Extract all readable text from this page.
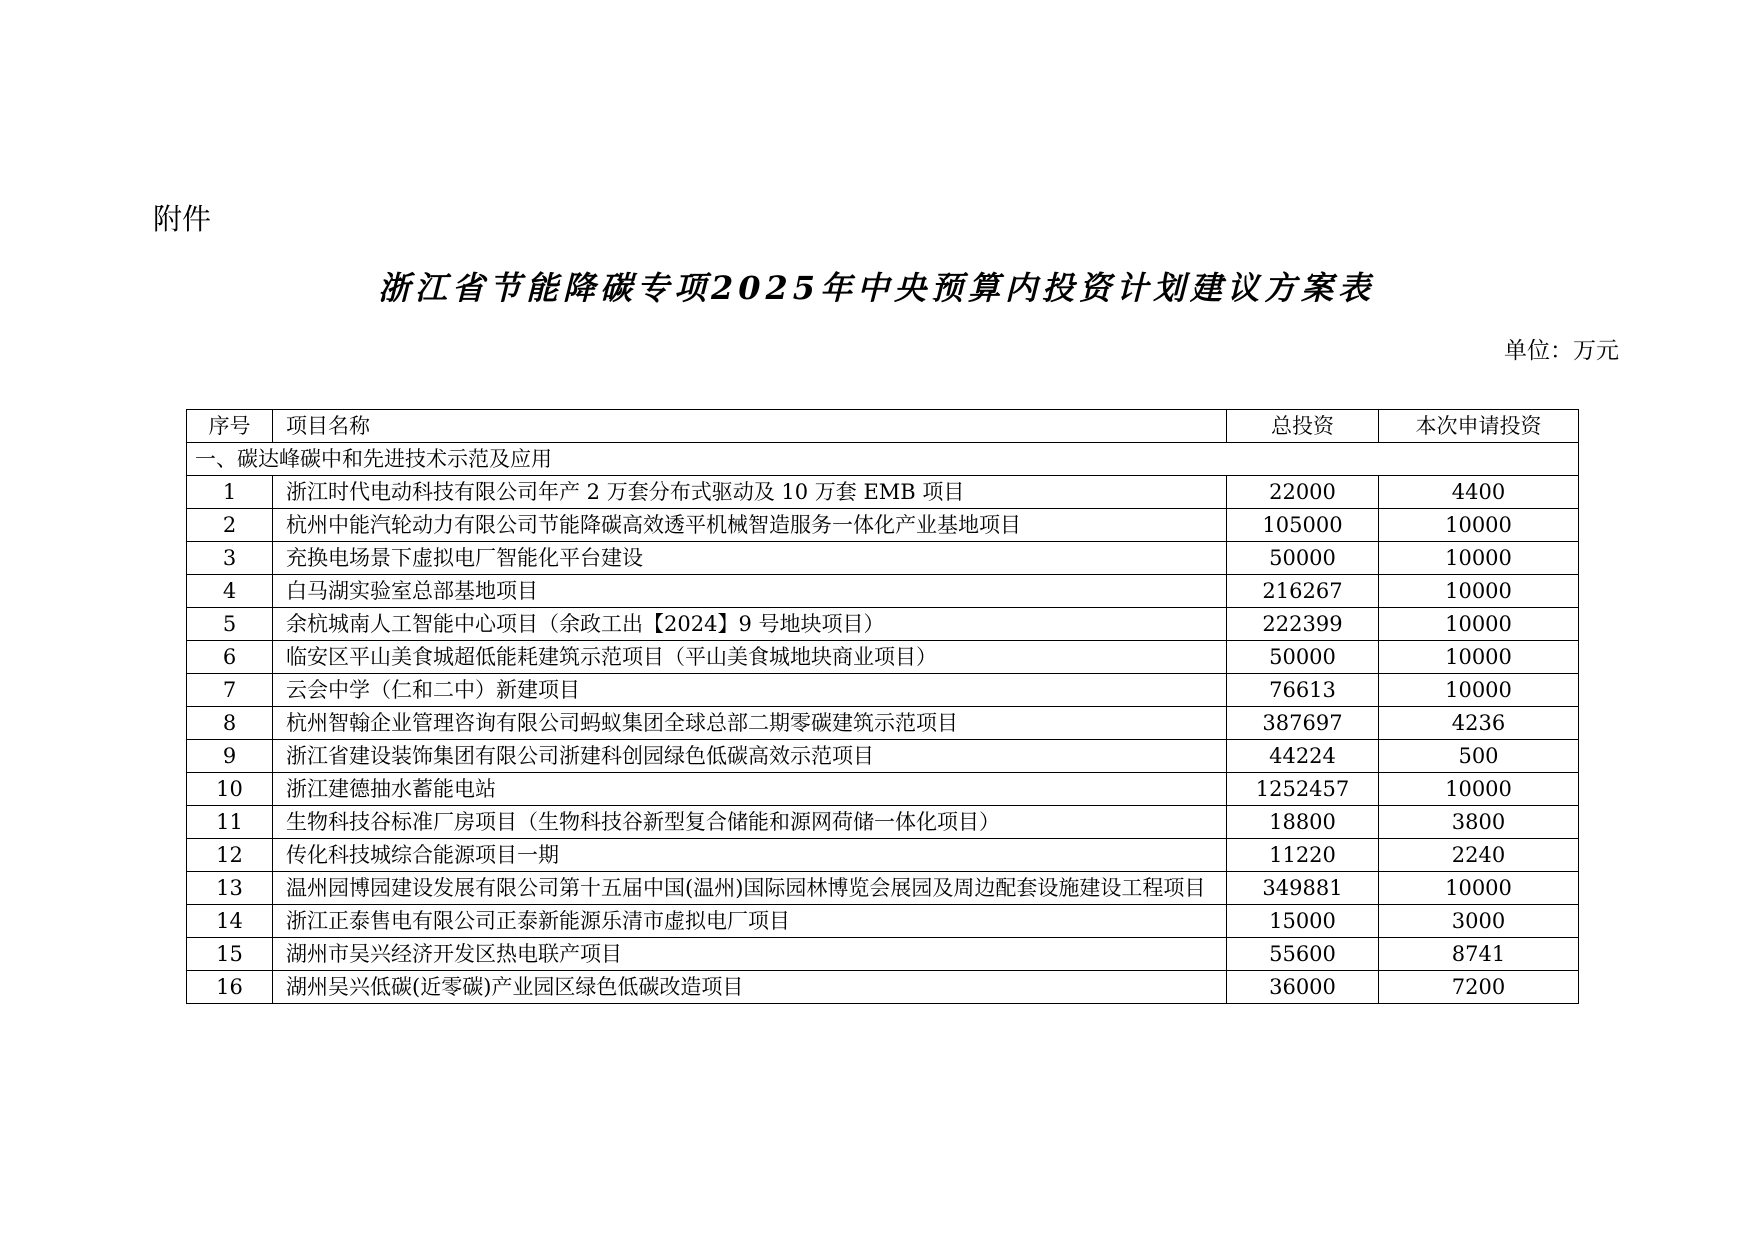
附件
浙江省节能降碳专项2025年中央预算内投资计划建议方案表
单位：万元
序号	项目名称	总投资	本次申请投资
一、碳达峰碳中和先进技术示范及应用			
1	浙江时代电动科技有限公司年产 2 万套分布式驱动及 10 万套 EMB 项目	22000	4400
2	杭州中能汽轮动力有限公司节能降碳高效透平机械智造服务一体化产业基地项目	105000	10000
3	充换电场景下虚拟电厂智能化平台建设	50000	10000
4	白马湖实验室总部基地项目	216267	10000
5	余杭城南人工智能中心项目（余政工出【2024】9 号地块项目）	222399	10000
6	临安区平山美食城超低能耗建筑示范项目（平山美食城地块商业项目）	50000	10000
7	云会中学（仁和二中）新建项目	76613	10000
8	杭州智翰企业管理咨询有限公司蚂蚁集团全球总部二期零碳建筑示范项目	387697	4236
9	浙江省建设装饰集团有限公司浙建科创园绿色低碳高效示范项目	44224	500
10	浙江建德抽水蓄能电站	1252457	10000
11	生物科技谷标准厂房项目（生物科技谷新型复合储能和源网荷储一体化项目）	18800	3800
12	传化科技城综合能源项目一期	11220	2240
13	温州园博园建设发展有限公司第十五届中国(温州)国际园林博览会展园及周边配套设施建设工程项目	349881	10000
14	浙江正泰售电有限公司正泰新能源乐清市虚拟电厂项目	15000	3000
15	湖州市吴兴经济开发区热电联产项目	55600	8741
16	湖州吴兴低碳(近零碳)产业园区绿色低碳改造项目	36000	7200
